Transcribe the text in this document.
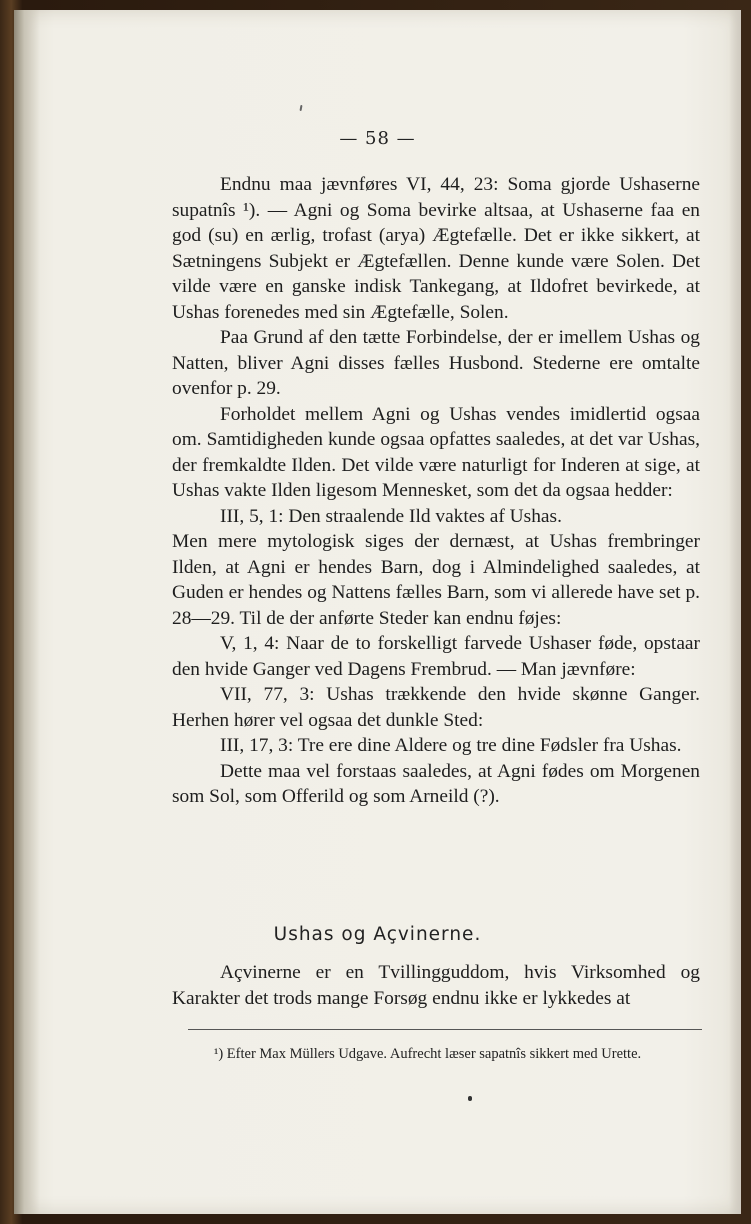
— 58 —

Endnu maa jævnføres VI, 44, 23: Soma gjorde Ushaserne supatnîs ¹). — Agni og Soma bevirke altsaa, at Ushaserne faa en god (su) en ærlig, trofast (arya) Ægtefælle. Det er ikke sikkert, at Sætningens Subjekt er Ægtefællen. Denne kunde være Solen. Det vilde være en ganske indisk Tankegang, at Ildofret bevirkede, at Ushas forenedes med sin Ægtefælle, Solen.

Paa Grund af den tætte Forbindelse, der er imellem Ushas og Natten, bliver Agni disses fælles Husbond. Stederne ere omtalte ovenfor p. 29.

Forholdet mellem Agni og Ushas vendes imidlertid ogsaa om. Samtidigheden kunde ogsaa opfattes saaledes, at det var Ushas, der fremkaldte Ilden. Det vilde være naturligt for Inderen at sige, at Ushas vakte Ilden ligesom Mennesket, som det da ogsaa hedder:

III, 5, 1: Den straalende Ild vaktes af Ushas.

Men mere mytologisk siges der dernæst, at Ushas frembringer Ilden, at Agni er hendes Barn, dog i Almindelighed saaledes, at Guden er hendes og Nattens fælles Barn, som vi allerede have set p. 28—29. Til de der anførte Steder kan endnu føjes:

V, 1, 4: Naar de to forskelligt farvede Ushaser føde, opstaar den hvide Ganger ved Dagens Frembrud. — Man jævnføre:

VII, 77, 3: Ushas trækkende den hvide skønne Ganger. Herhen hører vel ogsaa det dunkle Sted:

III, 17, 3: Tre ere dine Aldere og tre dine Fødsler fra Ushas.

Dette maa vel forstaas saaledes, at Agni fødes om Morgenen som Sol, som Offerild og som Arneild (?).

Ushas og Açvinerne.

Açvinerne er en Tvillingguddom, hvis Virksomhed og Karakter det trods mange Forsøg endnu ikke er lykkedes at

¹) Efter Max Müllers Udgave. Aufrecht læser sapatnîs sikkert med Urette.
